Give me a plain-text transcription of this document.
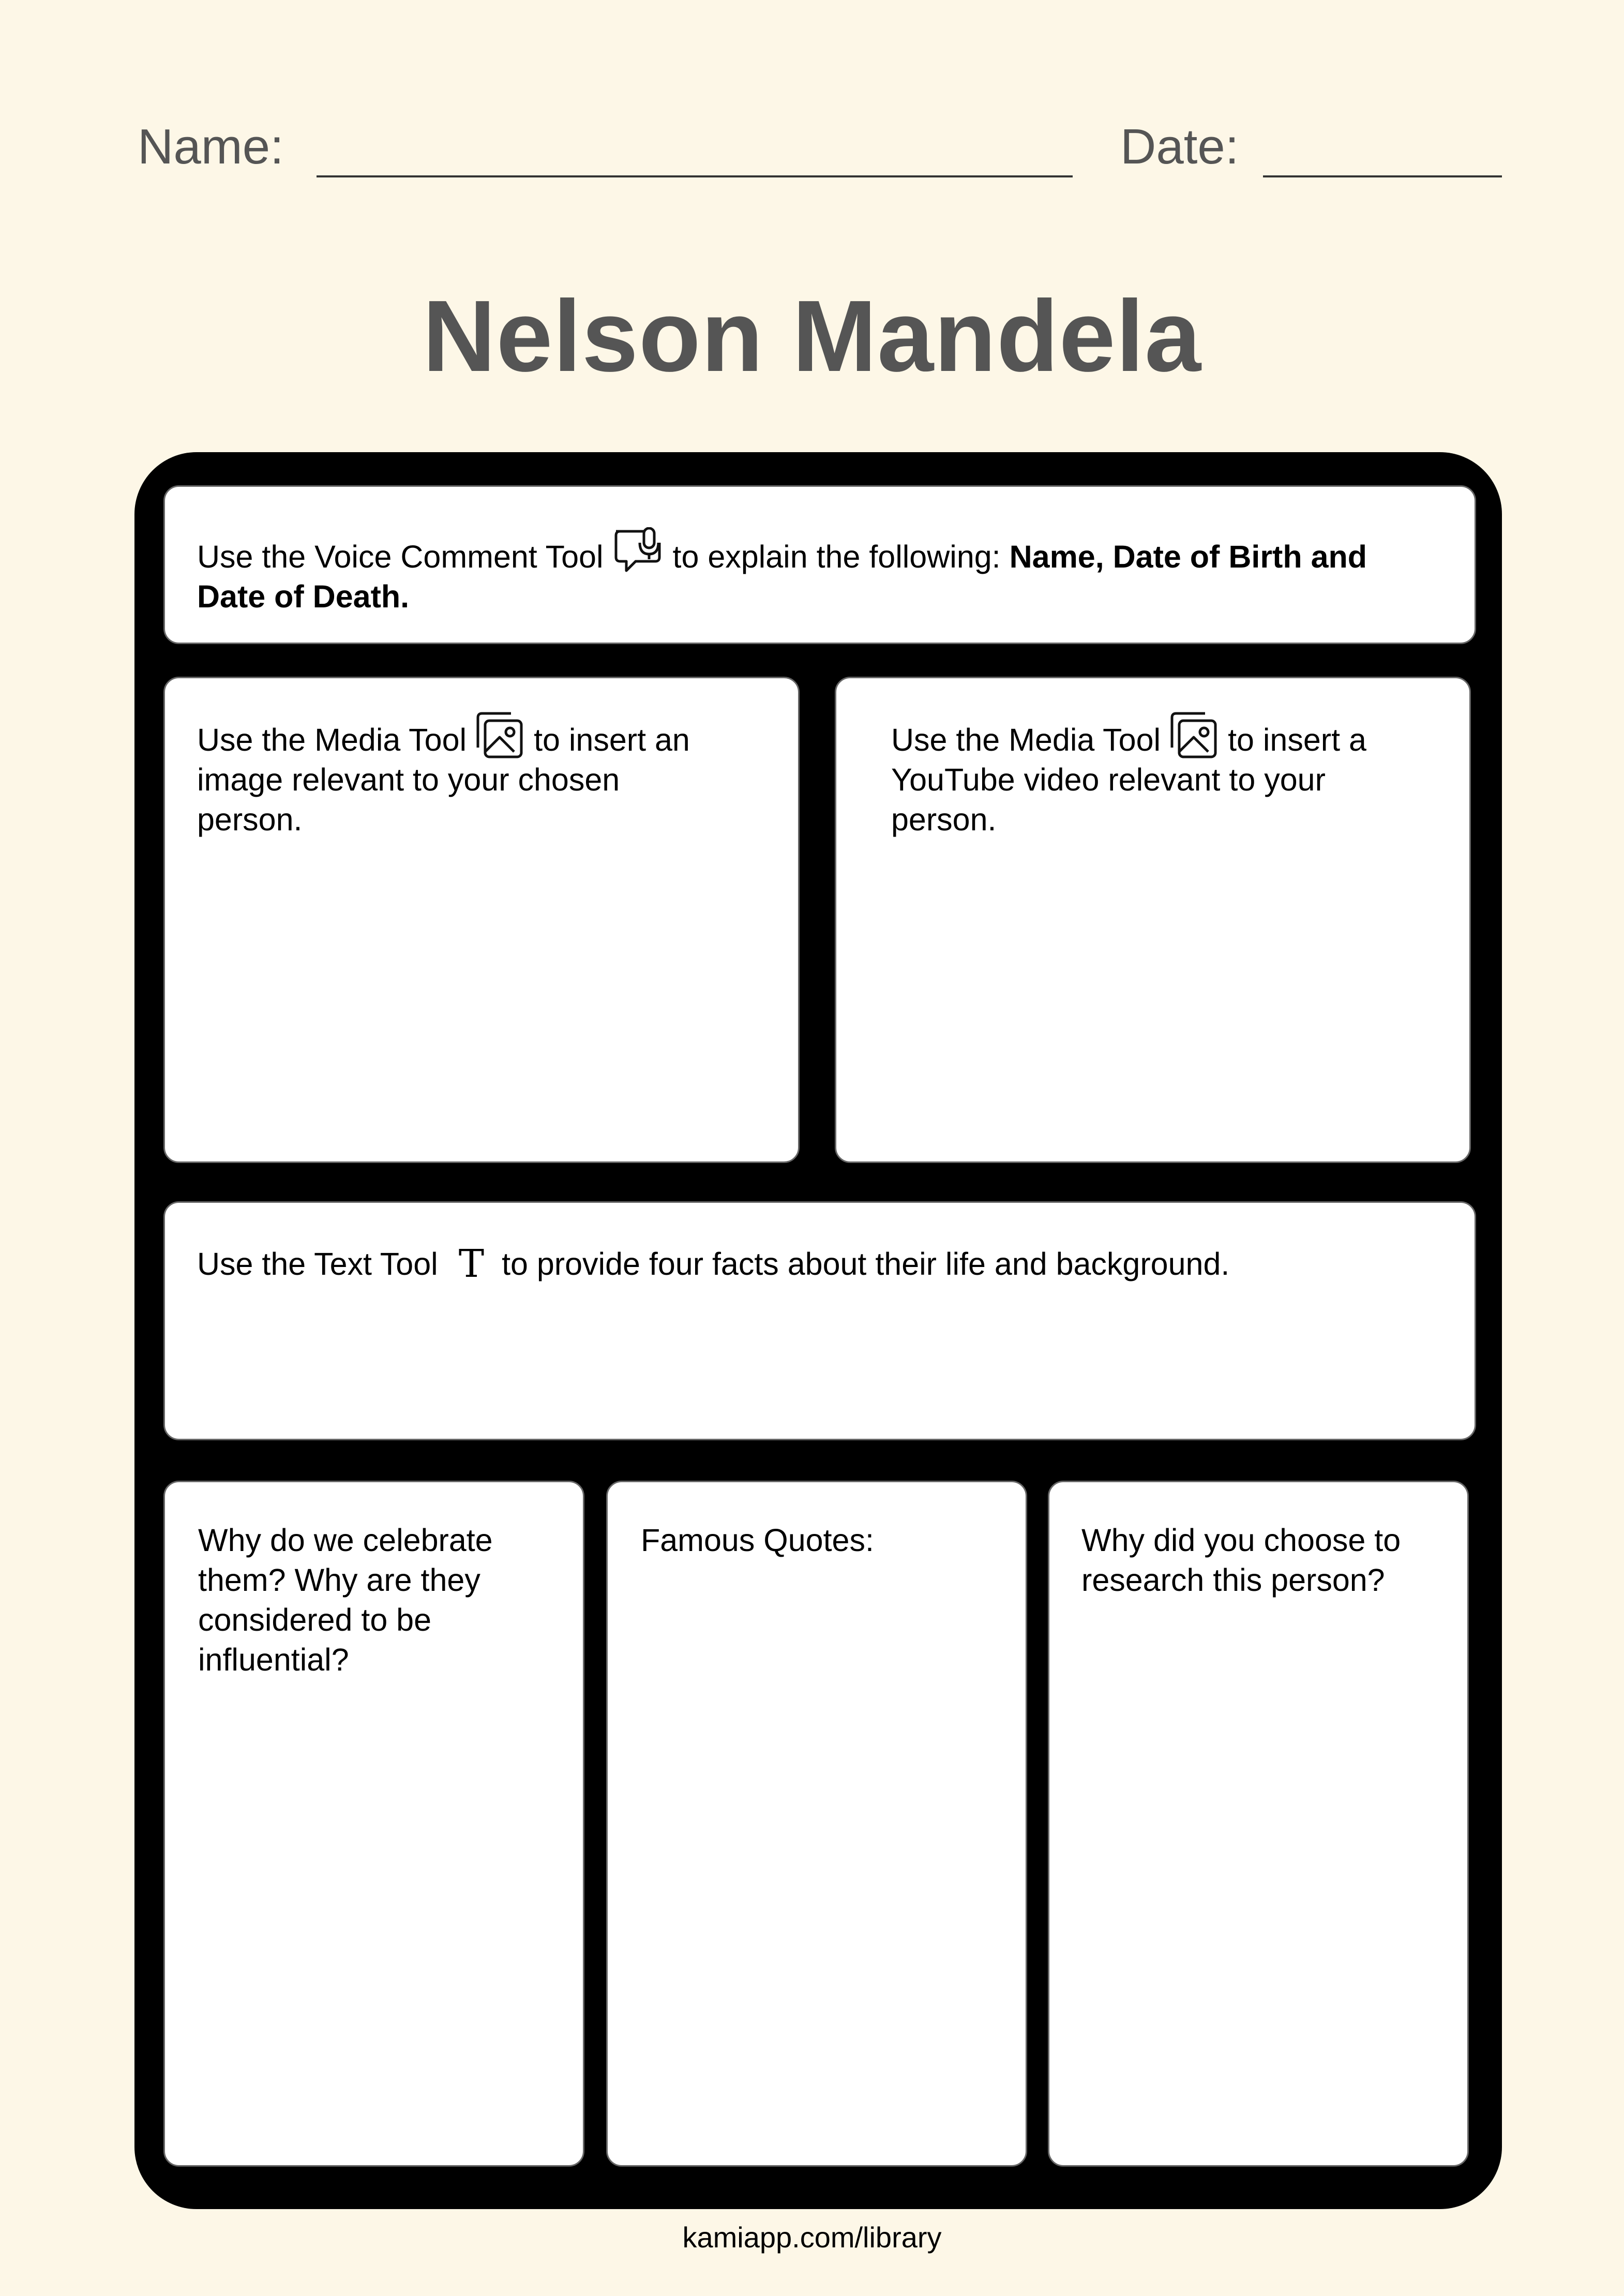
Name:	Date:
Nelson Mandela
Use the Voice Comment Tool to explain the following: Name, Date of Birth and Date of Death.
Use the Media Tool to insert an image relevant to your chosen person.
Use the Media Tool to insert a YouTube video relevant to your person.
Use the Text Tool T to provide four facts about their life and background.
Why do we celebrate them? Why are they considered to be influential?
Famous Quotes:	Why did you choose to research this person?
kamiapp.com/library
